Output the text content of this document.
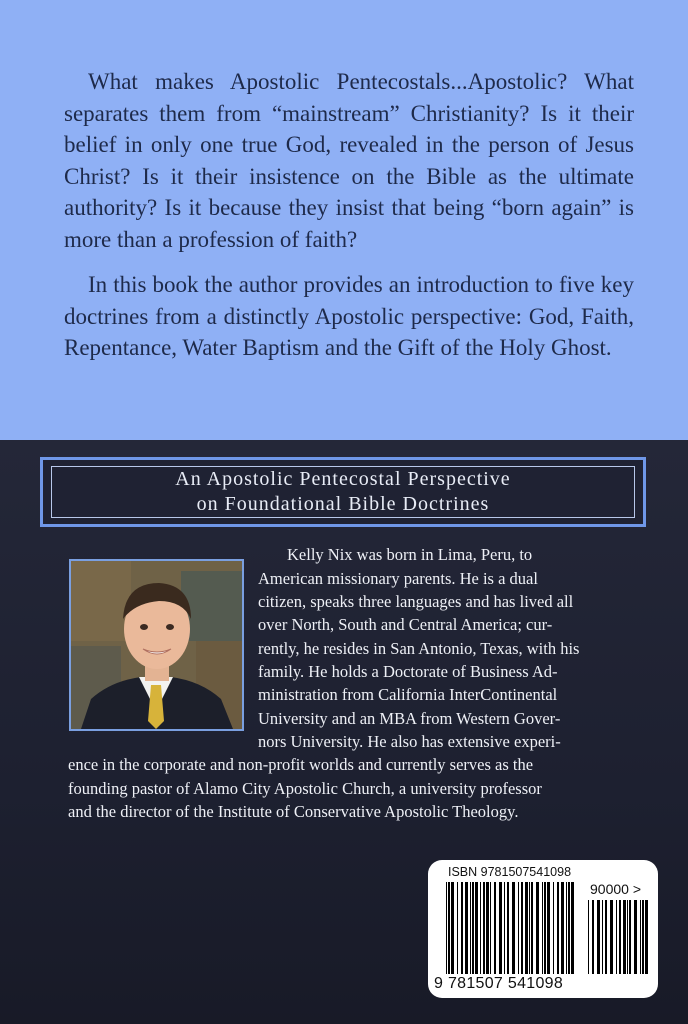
What makes Apostolic Pentecostals...Apostolic? What separates them from “mainstream” Christianity? Is it their belief in only one true God, revealed in the person of Jesus Christ? Is it their insistence on the Bible as the ultimate authority? Is it because they insist that being “born again” is more than a profession of faith?

In this book the author provides an introduction to five key doctrines from a distinctly Apostolic perspective: God, Faith, Repentance, Water Baptism and the Gift of the Holy Ghost.

An Apostolic Pentecostal Perspective
on Foundational Bible Doctrines
Kelly Nix was born in Lima, Peru, to
American missionary parents. He is a dual
citizen, speaks three languages and has lived all
over North, South and Central America; cur-
rently, he resides in San Antonio, Texas, with his
family. He holds a Doctorate of Business Ad-
ministration from California InterContinental
University and an MBA from Western Gover-
nors University. He also has extensive experi-
ence in the corporate and non-profit worlds and currently serves as the
founding pastor of Alamo City Apostolic Church, a university professor
and the director of the Institute of Conservative Apostolic Theology.
ISBN 9781507541098
90000 >
9 781507 541098
